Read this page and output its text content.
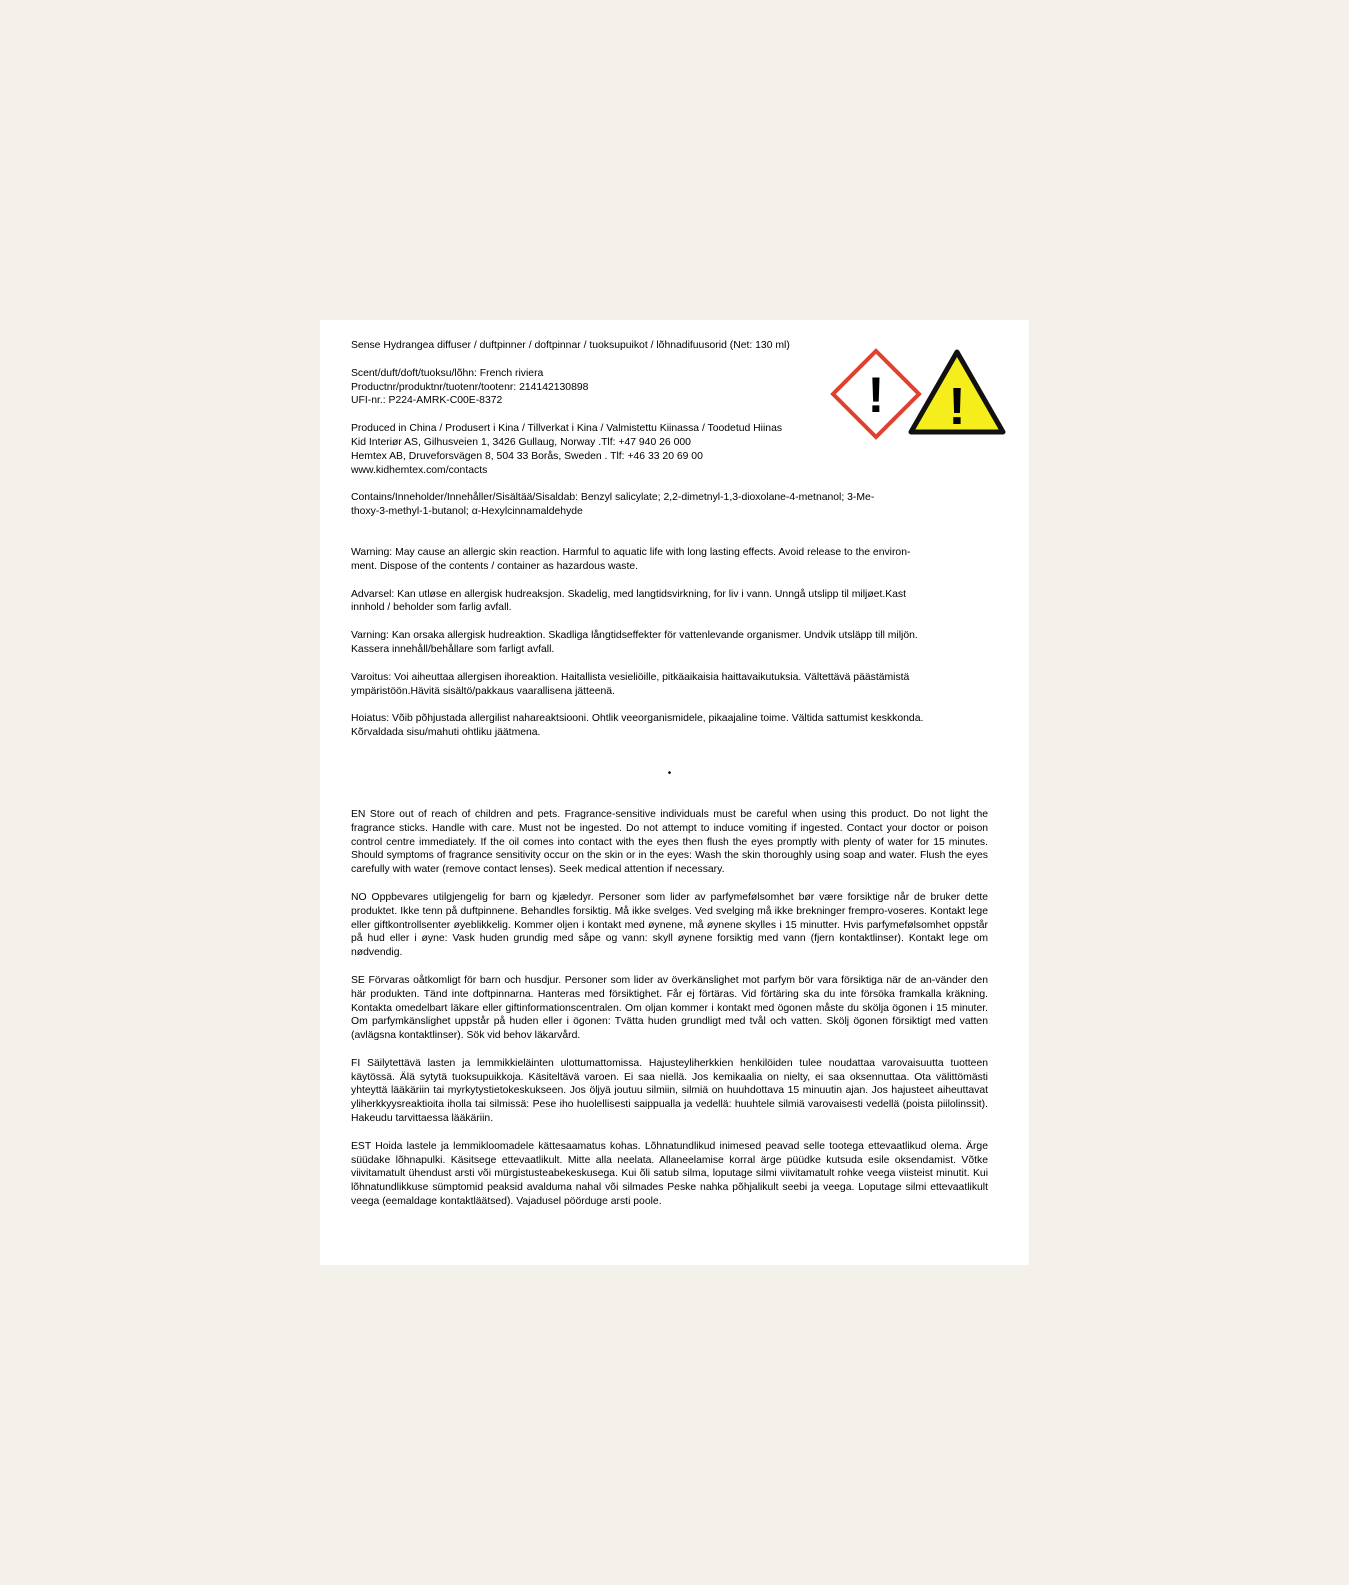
! !

Sense Hydrangea diffuser / duftpinner / doftpinnar / tuoksupuikot / lõhnadifuusorid (Net: 130 ml)

Scent/duft/doft/tuoksu/lõhn: French riviera
Productnr/produktnr/tuotenr/tootenr: 214142130898
UFI-nr.: P224-AMRK-C00E-8372

Produced in China / Produsert i Kina / Tillverkat i Kina / Valmistettu Kiinassa / Toodetud Hiinas
Kid Interiør AS, Gilhusveien 1, 3426 Gullaug, Norway .Tlf: +47 940 26 000
Hemtex AB, Druveforsvägen 8, 504 33 Borås, Sweden . Tlf: +46 33 20 69 00
www.kidhemtex.com/contacts

Contains/Inneholder/Innehåller/Sisältää/Sisaldab: Benzyl salicylate; 2,2-dimetnyl-1,3-dioxolane-4-metnanol; 3-Me-
thoxy-3-methyl-1-butanol; α-Hexylcinnamaldehyde

Warning: May cause an allergic skin reaction. Harmful to aquatic life with long lasting effects. Avoid release to the environ-
ment. Dispose of the contents / container as hazardous waste.

Advarsel: Kan utløse en allergisk hudreaksjon. Skadelig, med langtidsvirkning, for liv i vann. Unngå utslipp til miljøet.Kast
innhold / beholder som farlig avfall.

Varning: Kan orsaka allergisk hudreaktion. Skadliga långtidseffekter för vattenlevande organismer. Undvik utsläpp till miljön.
Kassera innehåll/behållare som farligt avfall.

Varoitus: Voi aiheuttaa allergisen ihoreaktion. Haitallista vesieliöille, pitkäaikaisia haittavaikutuksia. Vältettävä päästämistä
ympäristöön.Hävitä sisältö/pakkaus vaarallisena jätteenä.

Hoiatus: Võib põhjustada allergilist nahareaktsiooni. Ohtlik veeorganismidele, pikaajaline toime. Vältida sattumist keskkonda.
Kõrvaldada sisu/mahuti ohtliku jäätmena.

•

EN Store out of reach of children and pets. Fragrance-sensitive individuals must be careful when using this product. Do not light the fragrance sticks. Handle with care. Must not be ingested. Do not attempt to induce vomiting if ingested. Contact your doctor or poison control centre immediately. If the oil comes into contact with the eyes then flush the eyes promptly with plenty of water for 15 minutes. Should symptoms of fragrance sensitivity occur on the skin or in the eyes: Wash the skin thoroughly using soap and water. Flush the eyes carefully with water (remove contact lenses). Seek medical attention if necessary.

NO Oppbevares utilgjengelig for barn og kjæledyr. Personer som lider av parfymefølsomhet bør være forsiktige når de bruker dette produktet. Ikke tenn på duftpinnene. Behandles forsiktig. Må ikke svelges. Ved svelging må ikke brekninger frempro-voseres. Kontakt lege eller giftkontrollsenter øyeblikkelig. Kommer oljen i kontakt med øynene, må øynene skylles i 15 minutter. Hvis parfymefølsomhet oppstår på hud eller i øyne: Vask huden grundig med såpe og vann: skyll øynene forsiktig med vann (fjern kontaktlinser). Kontakt lege om nødvendig.

SE Förvaras oåtkomligt för barn och husdjur. Personer som lider av överkänslighet mot parfym bör vara försiktiga när de an-vänder den här produkten. Tänd inte doftpinnarna. Hanteras med försiktighet. Får ej förtäras. Vid förtäring ska du inte försöka framkalla kräkning. Kontakta omedelbart läkare eller giftinformationscentralen. Om oljan kommer i kontakt med ögonen måste du skölja ögonen i 15 minuter. Om parfymkänslighet uppstår på huden eller i ögonen: Tvätta huden grundligt med tvål och vatten. Skölj ögonen försiktigt med vatten (avlägsna kontaktlinser). Sök vid behov läkarvård.

FI Säilytettävä lasten ja lemmikkieläinten ulottumattomissa. Hajusteyliherkkien henkilöiden tulee noudattaa varovaisuutta tuotteen käytössä. Älä sytytä tuoksupuikkoja. Käsiteltävä varoen. Ei saa niellä. Jos kemikaalia on nielty, ei saa oksennuttaa. Ota välittömästi yhteyttä lääkäriin tai myrkytystietokeskukseen. Jos öljyä joutuu silmiin, silmiä on huuhdottava 15 minuutin ajan. Jos hajusteet aiheuttavat yliherkkyysreaktioita iholla tai silmissä: Pese iho huolellisesti saippualla ja vedellä: huuhtele silmiä varovaisesti vedellä (poista piilolinssit). Hakeudu tarvittaessa lääkäriin.

EST Hoida lastele ja lemmikloomadele kättesaamatus kohas. Lõhnatundlikud inimesed peavad selle tootega ettevaatlikud olema. Ärge süüdake lõhnapulki. Käsitsege ettevaatlikult. Mitte alla neelata. Allaneelamise korral ärge püüdke kutsuda esile oksendamist. Võtke viivitamatult ühendust arsti või mürgistusteabekeskusega. Kui õli satub silma, loputage silmi viivitamatult rohke veega viisteist minutit. Kui lõhnatundlikkuse sümptomid peaksid avalduma nahal või silmades Peske nahka põhjalikult seebi ja veega. Loputage silmi ettevaatlikult veega (eemaldage kontaktläätsed). Vajadusel pöörduge arsti poole.
